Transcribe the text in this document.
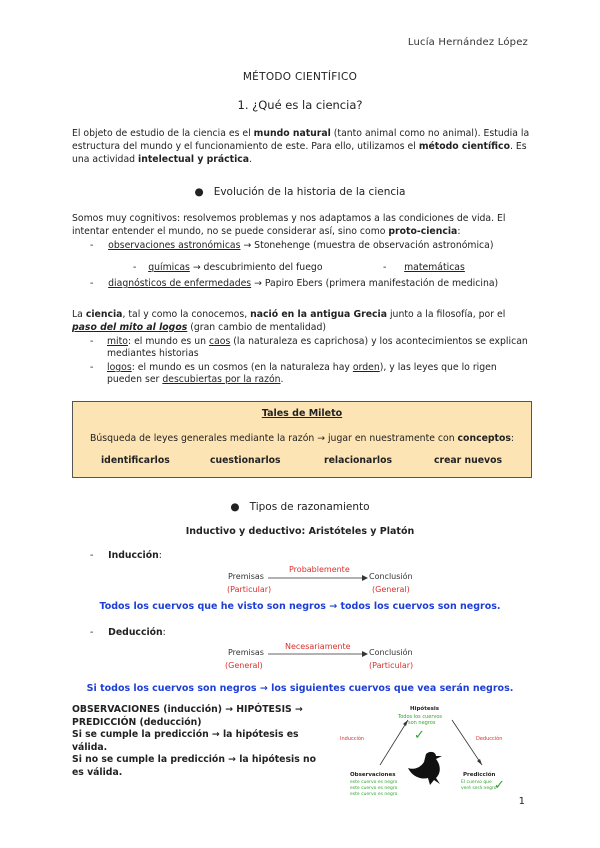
Lucía Hernández López
MÉTODO CIENTÍFICO
1. ¿Qué es la ciencia?
El objeto de estudio de la ciencia es el mundo natural (tanto animal como no animal). Estudia la estructura del mundo y el funcionamiento de este. Para ello, utilizamos el método científico. Es una actividad intelectual y práctica.
● Evolución de la historia de la ciencia
Somos muy cognitivos: resolvemos problemas y nos adaptamos a las condiciones de vida. El intentar entender el mundo, no se puede considerar así, sino como proto-ciencia:
- observaciones astronómicas → Stonehenge (muestra de observación astronómica)
- químicas → descubrimiento del fuego	- matemáticas
- diagnósticos de enfermedades → Papiro Ebers (primera manifestación de medicina)
La ciencia, tal y como la conocemos, nació en la antigua Grecia junto a la filosofía, por el paso del mito al logos (gran cambio de mentalidad)
- mito: el mundo es un caos (la naturaleza es caprichosa) y los acontecimientos se explican mediantes historias
- logos: el mundo es un cosmos (en la naturaleza hay orden), y las leyes que lo rigen pueden ser descubiertas por la razón.
Tales de Mileto
Búsqueda de leyes generales mediante la razón → jugar en nuestramente con conceptos:
identificarlos	cuestionarlos	relacionarlos	crear nuevos
● Tipos de razonamiento
Inductivo y deductivo: Aristóteles y Platón
- Inducción:
Premisas
(Particular)
Probablemente
Conclusión
(General)
Todos los cuervos que he visto son negros → todos los cuervos son negros.
- Deducción:
Premisas
(General)
Necesariamente
Conclusión
(Particular)
Si todos los cuervos son negros → los siguientes cuervos que vea serán negros.
OBSERVACIONES (inducción) → HIPÓTESIS → PREDICCIÓN (deducción)
Si se cumple la predicción → la hipótesis es válida.
Si no se cumple la predicción → la hipótesis no es válida.
Hipótesis
Todos los cuervos
son negros
✓
Inducción	Deducción
Observaciones
este cuervo es negro
este cuervo es negro
este cuervo es negro
Predicción
El cuervo que
veré será negro
✓
1
